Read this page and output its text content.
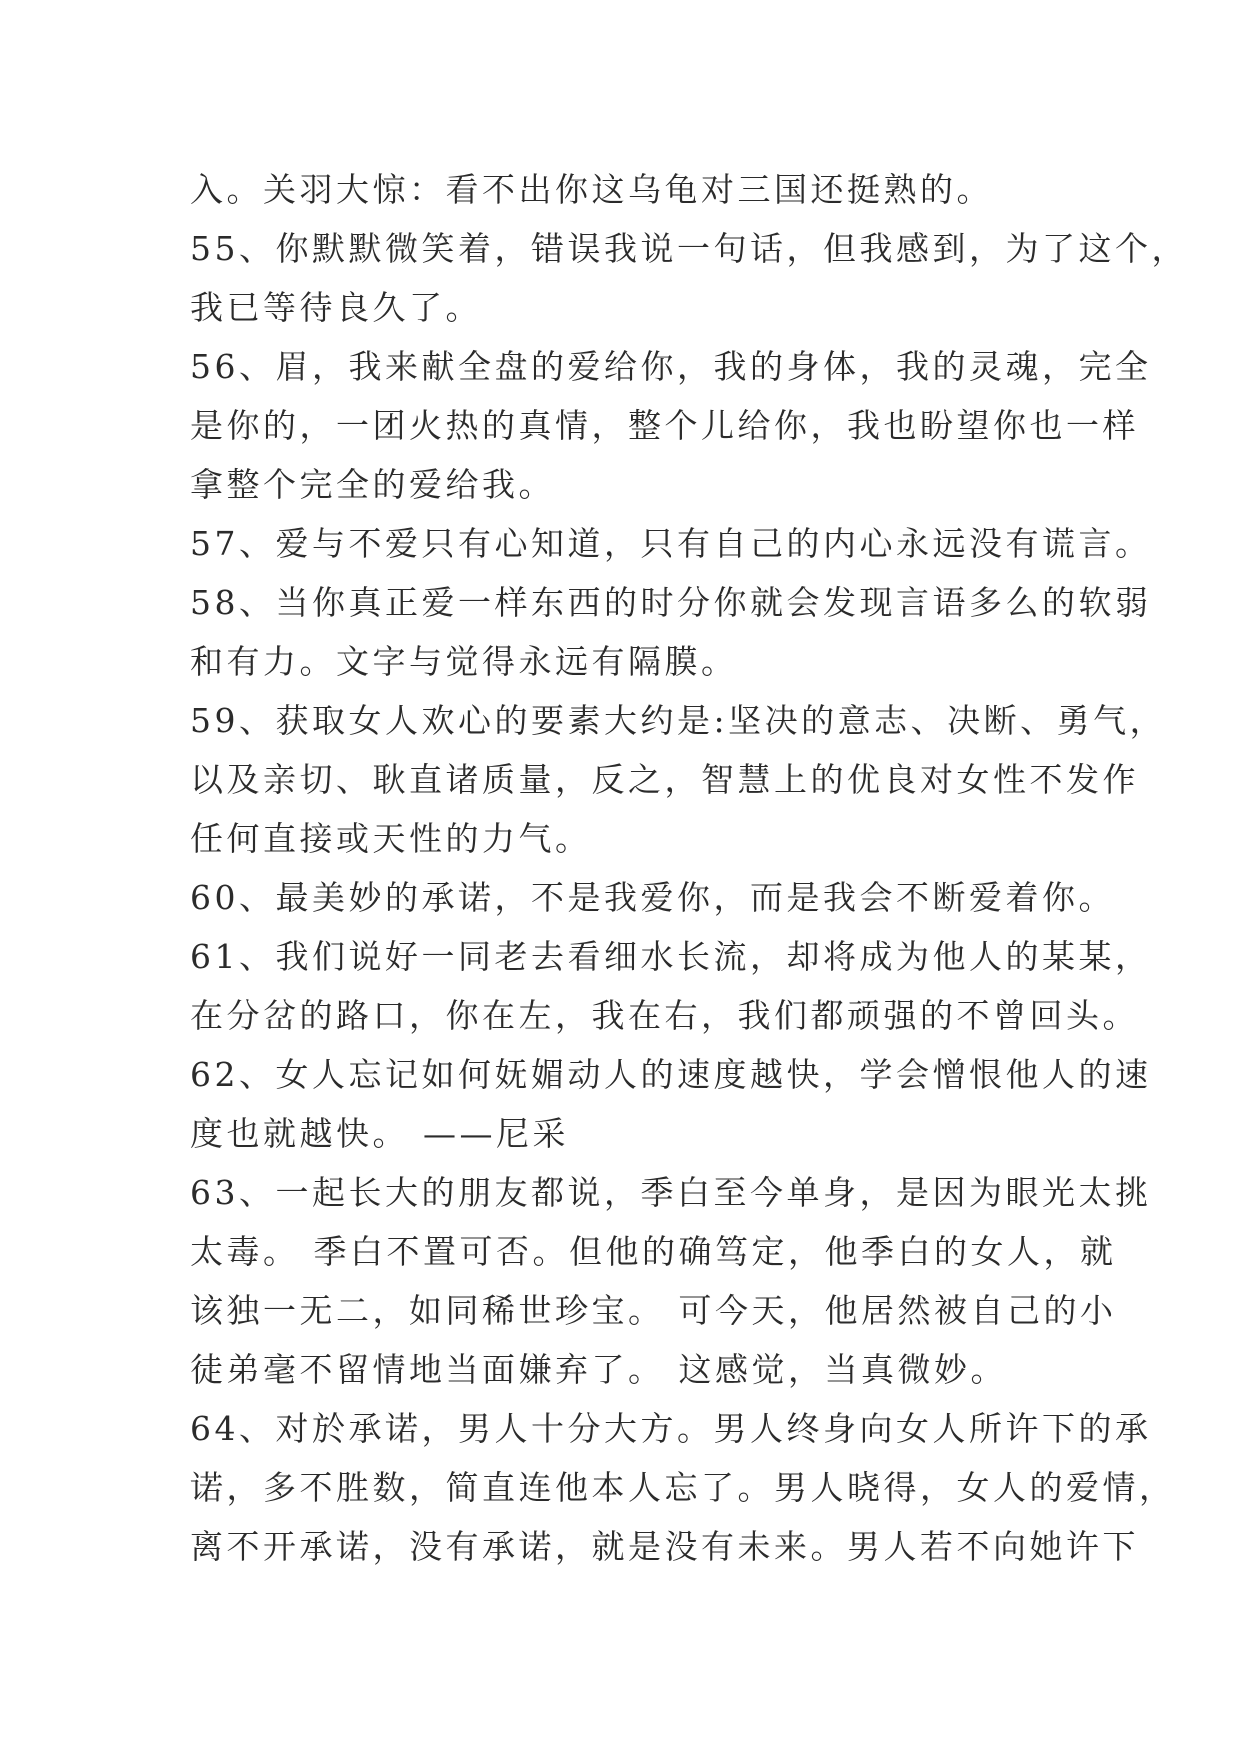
入。关羽大惊：看不出你这乌龟对三国还挺熟的。
55、你默默微笑着，错误我说一句话，但我感到，为了这个，
我已等待良久了。
56、眉，我来献全盘的爱给你，我的身体，我的灵魂，完全
是你的，一团火热的真情，整个儿给你，我也盼望你也一样
拿整个完全的爱给我。
57、爱与不爱只有心知道，只有自己的内心永远没有谎言。
58、当你真正爱一样东西的时分你就会发现言语多么的软弱
和有力。文字与觉得永远有隔膜。
59、获取女人欢心的要素大约是:坚决的意志、决断、勇气，
以及亲切、耿直诸质量，反之，智慧上的优良对女性不发作
任何直接或天性的力气。
60、最美妙的承诺，不是我爱你，而是我会不断爱着你。
61、我们说好一同老去看细水长流，却将成为他人的某某，
在分岔的路口，你在左，我在右，我们都顽强的不曾回头。
62、女人忘记如何妩媚动人的速度越快，学会憎恨他人的速
度也就越快。 ——尼采
63、一起长大的朋友都说，季白至今单身，是因为眼光太挑
太毒。 季白不置可否。但他的确笃定，他季白的女人，就
该独一无二，如同稀世珍宝。 可今天，他居然被自己的小
徒弟毫不留情地当面嫌弃了。 这感觉，当真微妙。
64、对於承诺，男人十分大方。男人终身向女人所许下的承
诺，多不胜数，简直连他本人忘了。男人晓得，女人的爱情，
离不开承诺，没有承诺，就是没有未来。男人若不向她许下
